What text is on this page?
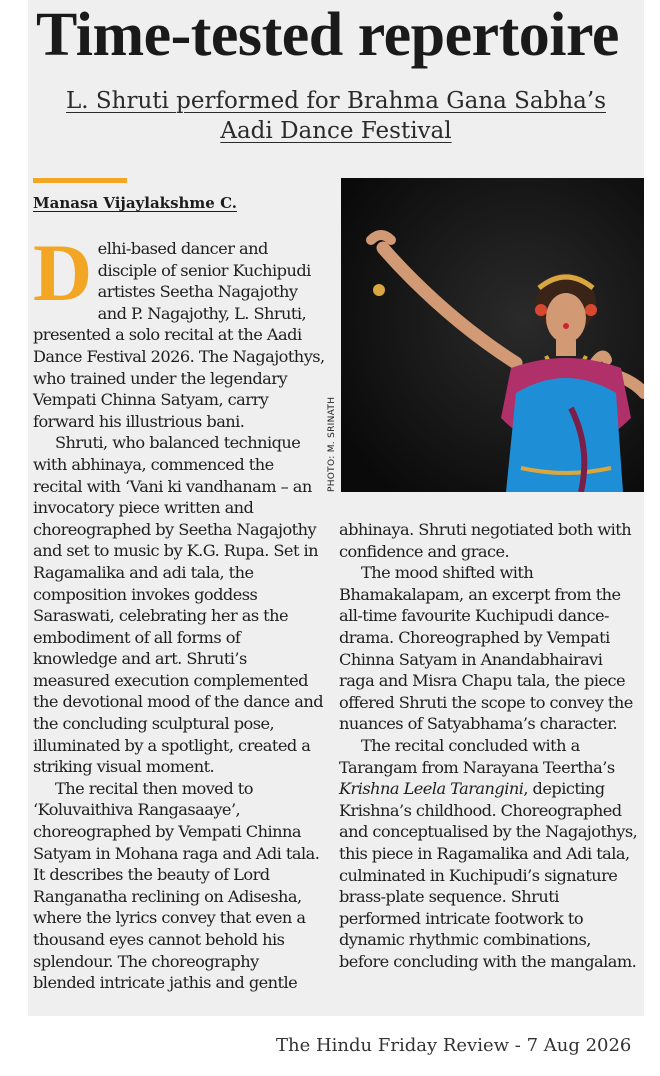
Time-tested repertoire
L. Shruti performed for Brahma Gana Sabha’s
Aadi Dance Festival
Manasa Vijaylakshme C.

Delhi-based dancer and disciple of senior Kuchipudi artistes Seetha Nagajothy and P. Nagajothy, L. Shruti, presented a solo recital at the Aadi Dance Festival 2026. The Nagajothys, who trained under the legendary Vempati Chinna Satyam, carry forward his illustrious bani.

Shruti, who balanced technique with abhinaya, commenced the recital with ‘Vani ki vandhanam – an invocatory piece written and choreographed by Seetha Nagajothy and set to music by K.G. Rupa. Set in Ragamalika and adi tala, the composition invokes goddess Saraswati, celebrating her as the embodiment of all forms of knowledge and art. Shruti’s measured execution complemented the devotional mood of the dance and the concluding sculptural pose, illuminated by a spotlight, created a striking visual moment.

The recital then moved to ‘Koluvaithiva Rangasaaye’, choreographed by Vempati Chinna Satyam in Mohana raga and Adi tala. It describes the beauty of Lord Ranganatha reclining on Adisesha, where the lyrics convey that even a thousand eyes cannot behold his splendour. The choreography blended intricate jathis and gentle

PHOTO: M. SRINATH

abhinaya. Shruti negotiated both with confidence and grace.

The mood shifted with Bhamakalapam, an excerpt from the all-time favourite Kuchipudi dance-drama. Choreographed by Vempati Chinna Satyam in Anandabhairavi raga and Misra Chapu tala, the piece offered Shruti the scope to convey the nuances of Satyabhama’s character.

The recital concluded with a Tarangam from Narayana Teertha’s Krishna Leela Tarangini, depicting Krishna’s childhood. Choreographed and conceptualised by the Nagajothys, this piece in Ragamalika and Adi tala, culminated in Kuchipudi’s signature brass-plate sequence. Shruti performed intricate footwork to dynamic rhythmic combinations, before concluding with the mangalam.

The Hindu Friday Review - 7 Aug 2026
